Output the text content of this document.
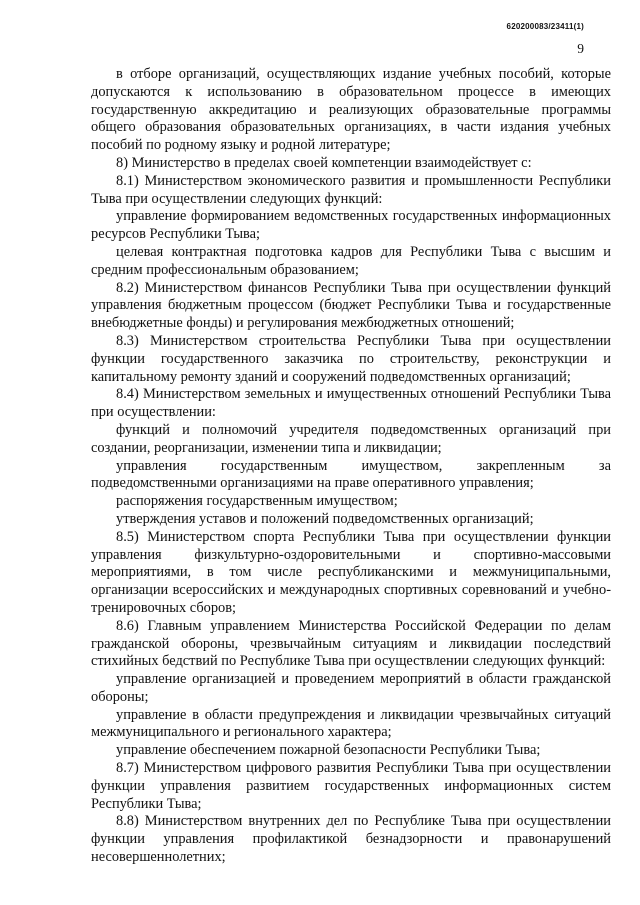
620200083/23411(1)
9

в отборе организаций, осуществляющих издание учебных пособий, которые допускаются к использованию в образовательном процессе в имеющих государственную аккредитацию и реализующих образовательные программы общего образования образовательных организациях, в части издания учебных пособий по родному языку и родной литературе;

8) Министерство в пределах своей компетенции взаимодействует с:

8.1) Министерством экономического развития и промышленности Республики Тыва при осуществлении следующих функций:

управление формированием ведомственных государственных информационных ресурсов Республики Тыва;

целевая контрактная подготовка кадров для Республики Тыва с высшим и средним профессиональным образованием;

8.2) Министерством финансов Республики Тыва при осуществлении функций управления бюджетным процессом (бюджет Республики Тыва и государственные внебюджетные фонды) и регулирования межбюджетных отношений;

8.3) Министерством строительства Республики Тыва при осуществлении функции государственного заказчика по строительству, реконструкции и капитальному ремонту зданий и сооружений подведомственных организаций;

8.4) Министерством земельных и имущественных отношений Республики Тыва при осуществлении:

функций и полномочий учредителя подведомственных организаций при создании, реорганизации, изменении типа и ликвидации;

управления государственным имуществом, закрепленным за подведомственными организациями на праве оперативного управления;

распоряжения государственным имуществом;

утверждения уставов и положений подведомственных организаций;

8.5) Министерством спорта Республики Тыва при осуществлении функции управления физкультурно-оздоровительными и спортивно-массовыми мероприятиями, в том числе республиканскими и межмуниципальными, организации всероссийских и международных спортивных соревнований и учебно-тренировочных сборов;

8.6) Главным управлением Министерства Российской Федерации по делам гражданской обороны, чрезвычайным ситуациям и ликвидации последствий стихийных бедствий по Республике Тыва при осуществлении следующих функций:

управление организацией и проведением мероприятий в области гражданской обороны;

управление в области предупреждения и ликвидации чрезвычайных ситуаций межмуниципального и регионального характера;

управление обеспечением пожарной безопасности Республики Тыва;

8.7) Министерством цифрового развития Республики Тыва при осуществлении функции управления развитием государственных информационных систем Республики Тыва;

8.8) Министерством внутренних дел по Республике Тыва при осуществлении функции управления профилактикой безнадзорности и правонарушений несовершеннолетних;
